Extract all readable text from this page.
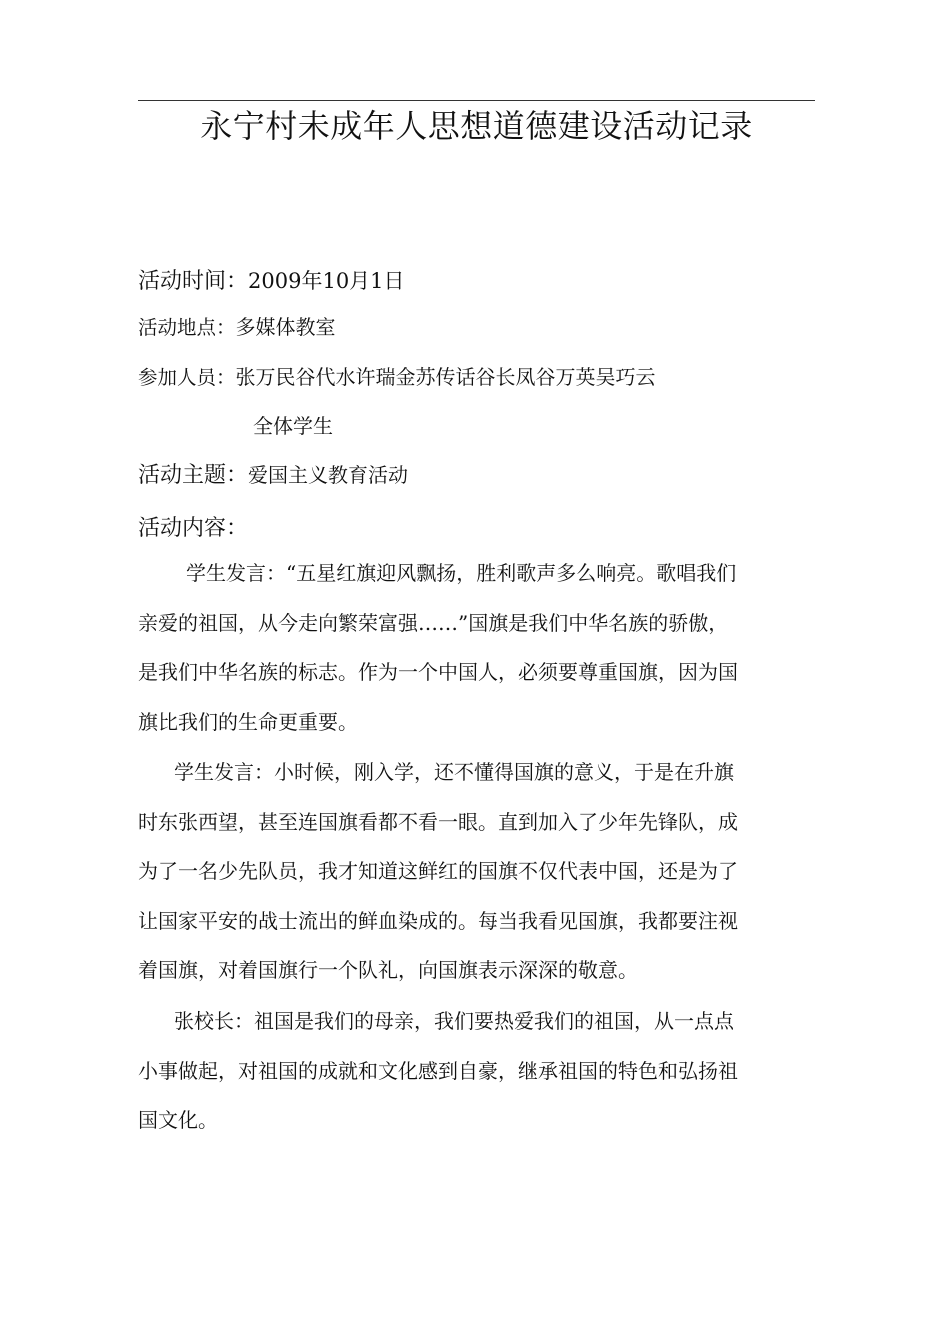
永宁村未成年人思想道德建设活动记录
活动时间：2009年10月1日
活动地点：多媒体教室
参加人员：张万民谷代水许瑞金苏传话谷长凤谷万英吴巧云
全体学生
活动主题：爱国主义教育活动
活动内容：
学生发言：“五星红旗迎风飘扬，胜利歌声多么响亮。歌唱我们
亲爱的祖国，从今走向繁荣富强……”国旗是我们中华名族的骄傲，
是我们中华名族的标志。作为一个中国人，必须要尊重国旗，因为国
旗比我们的生命更重要。
学生发言：小时候，刚入学，还不懂得国旗的意义，于是在升旗
时东张西望，甚至连国旗看都不看一眼。直到加入了少年先锋队，成
为了一名少先队员，我才知道这鲜红的国旗不仅代表中国，还是为了
让国家平安的战士流出的鲜血染成的。每当我看见国旗，我都要注视
着国旗，对着国旗行一个队礼，向国旗表示深深的敬意。
张校长：祖国是我们的母亲，我们要热爱我们的祖国，从一点点
小事做起，对祖国的成就和文化感到自豪，继承祖国的特色和弘扬祖
国文化。
